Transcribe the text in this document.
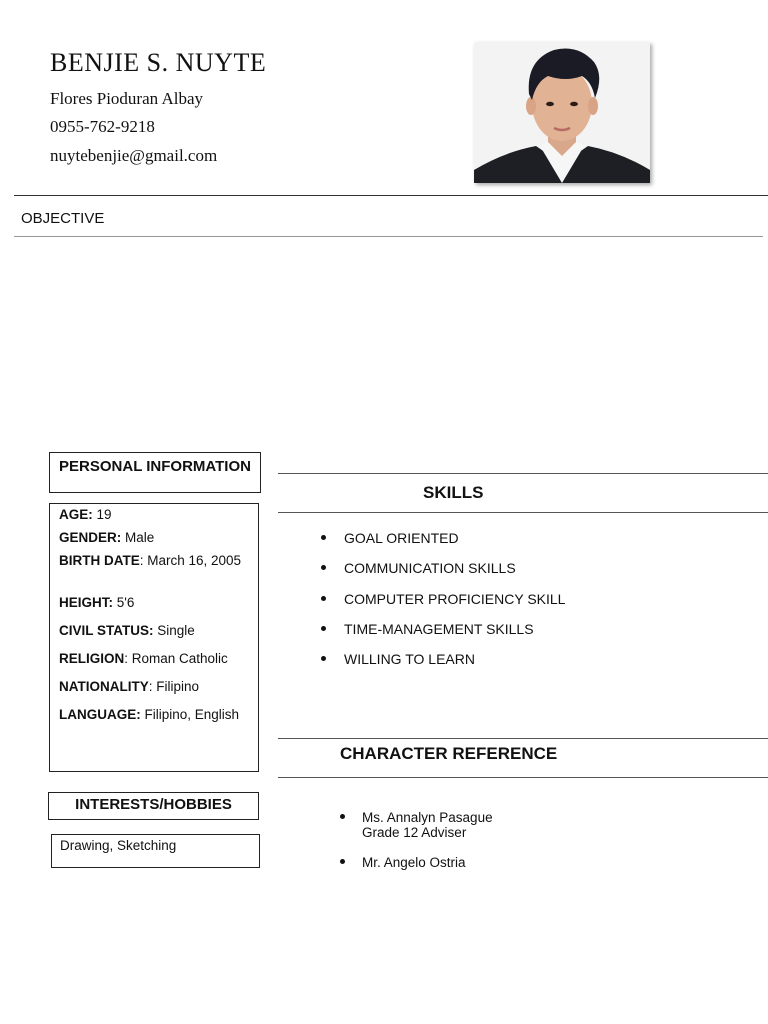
BENJIE S. NUYTE
Flores Pioduran Albay
0955-762-9218
nuytebenjie@gmail.com
OBJECTIVE
PERSONAL INFORMATION
AGE: 19
GENDER: Male
BIRTH DATE: March 16, 2005
HEIGHT: 5'6
CIVIL STATUS: Single
RELIGION: Roman Catholic
NATIONALITY: Filipino
LANGUAGE: Filipino, English
INTERESTS/HOBBIES
Drawing, Sketching
SKILLS
GOAL ORIENTED
COMMUNICATION SKILLS
COMPUTER PROFICIENCY SKILL
TIME-MANAGEMENT SKILLS
WILLING TO LEARN
CHARACTER REFERENCE
Ms. Annalyn Pasague
Grade 12 Adviser
Mr. Angelo Ostria
